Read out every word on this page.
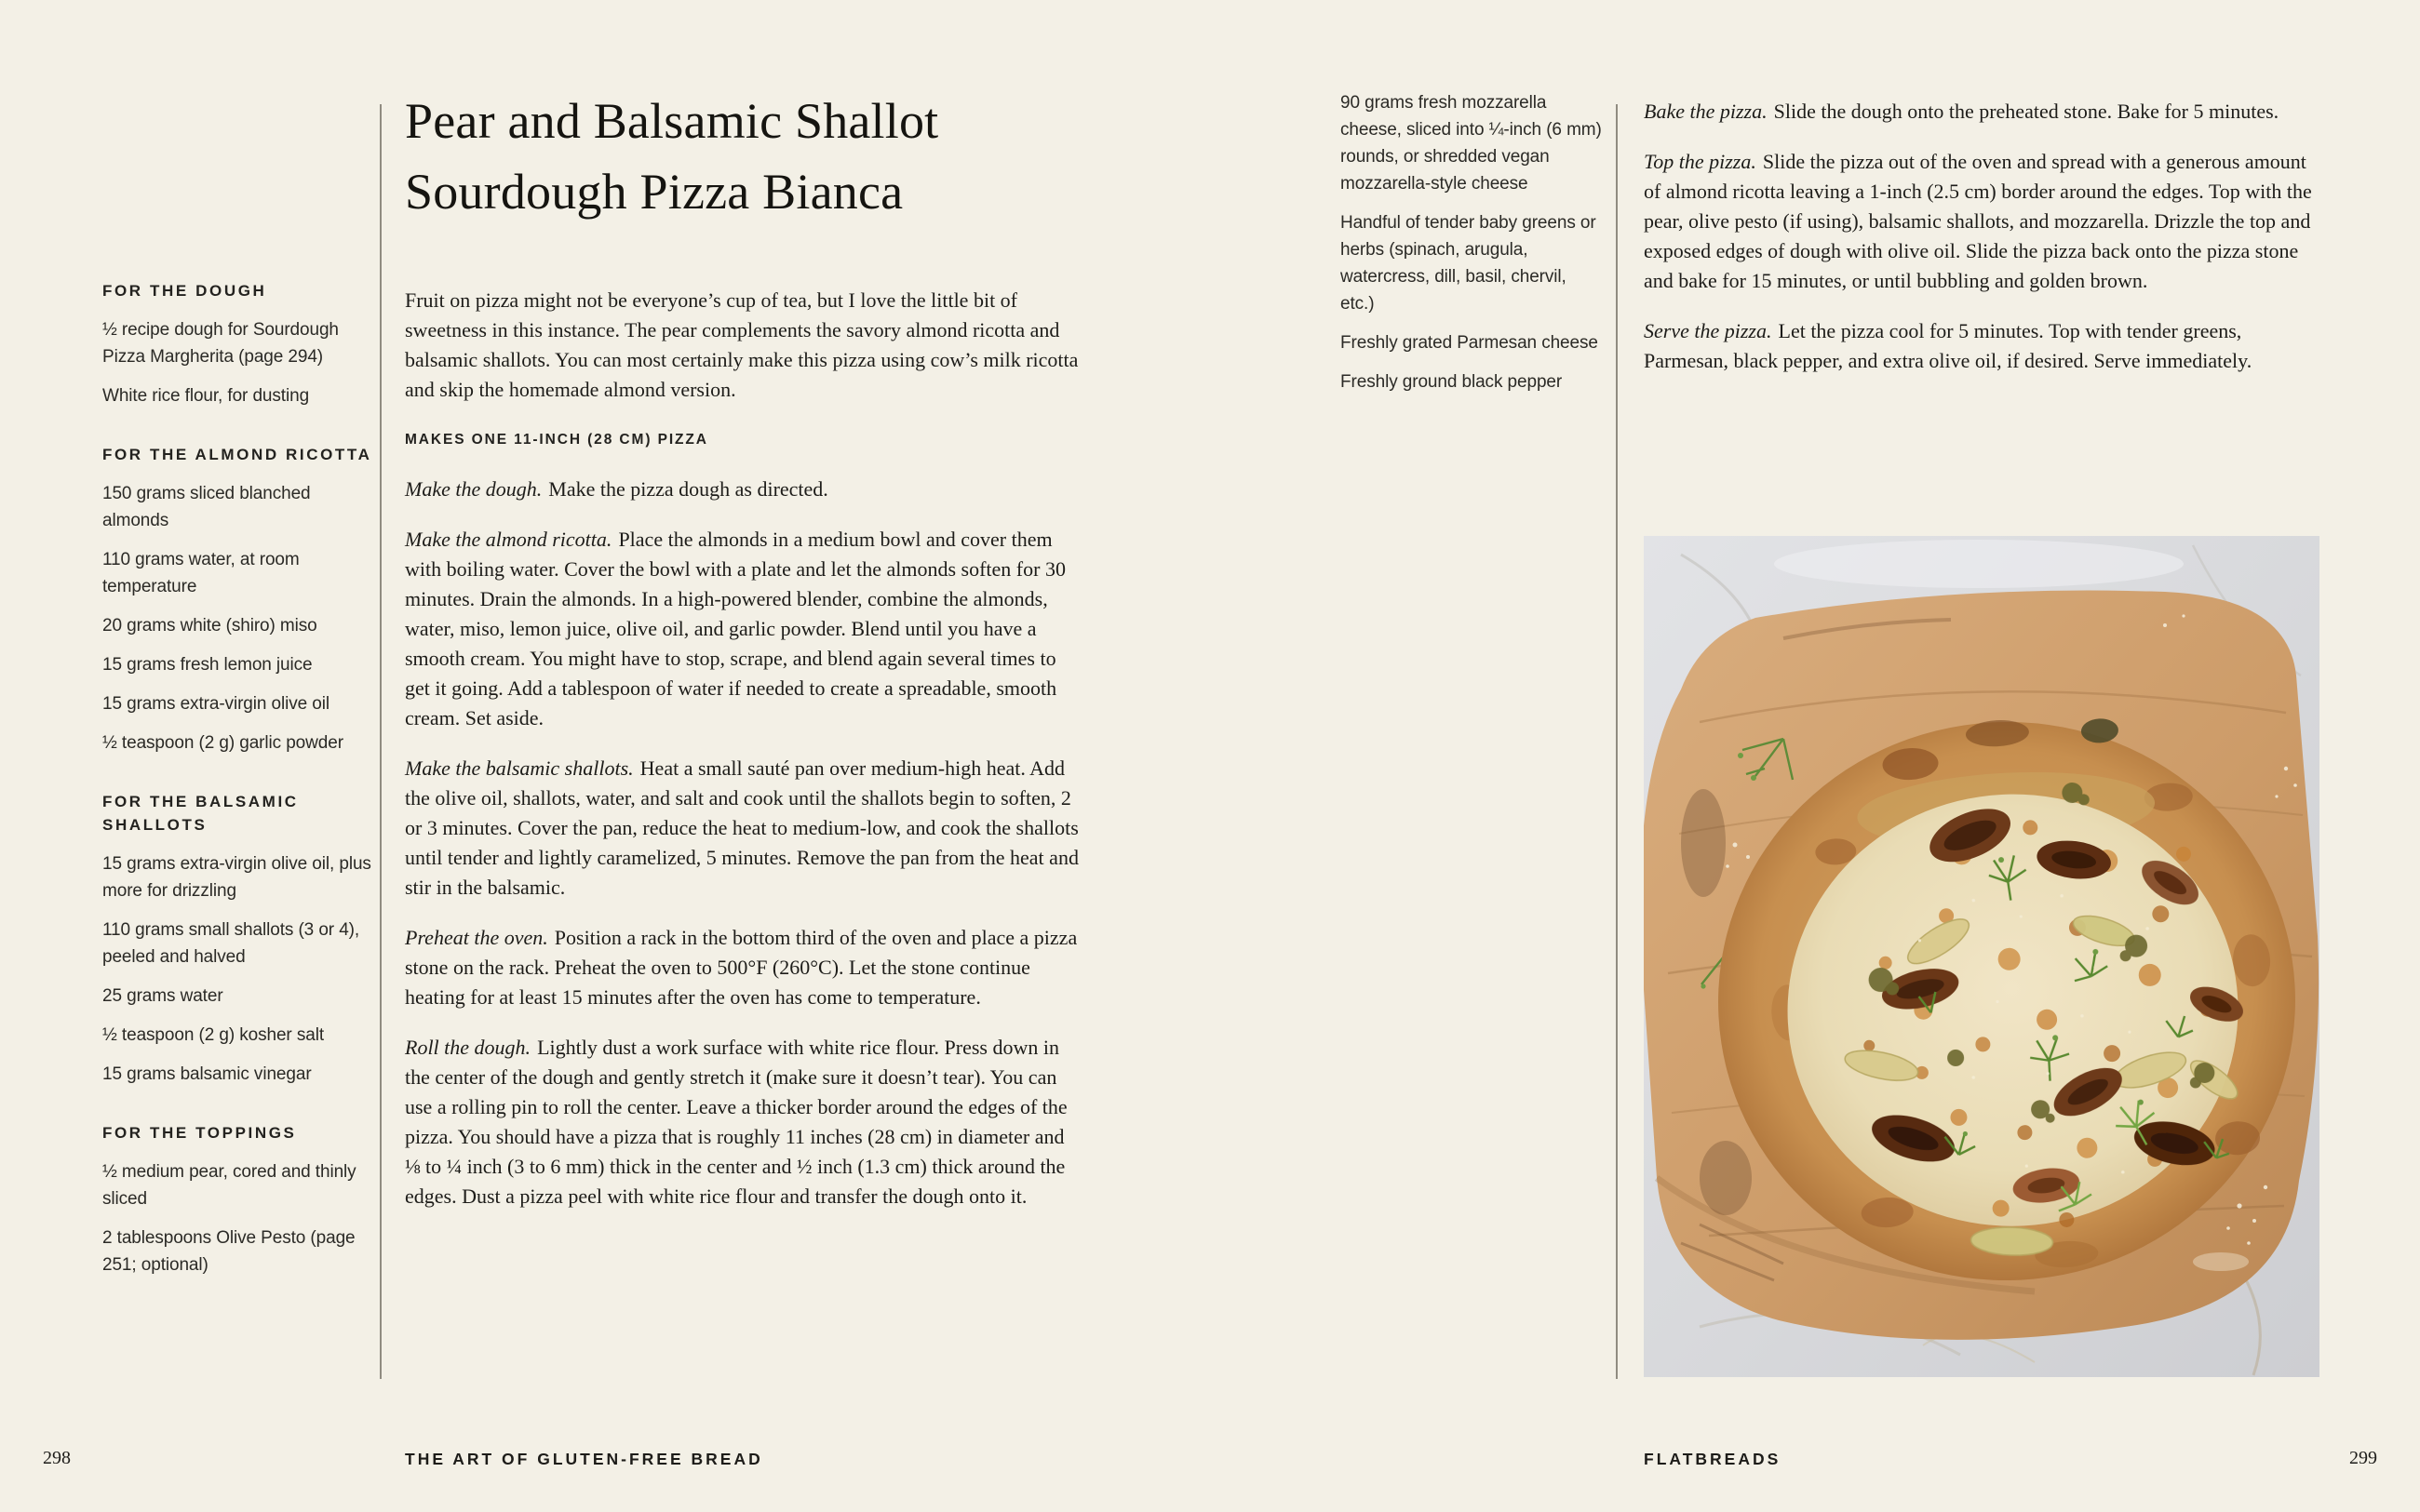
Pear and Balsamic Shallot
Sourdough Pizza Bianca
FOR THE DOUGH

½ recipe dough for Sourdough Pizza Margherita (page 294)

White rice flour, for dusting

FOR THE ALMOND RICOTTA

150 grams sliced blanched almonds

110 grams water, at room temperature

20 grams white (shiro) miso

15 grams fresh lemon juice

15 grams extra-virgin olive oil

½ teaspoon (2 g) garlic powder

FOR THE BALSAMIC SHALLOTS

15 grams extra-virgin olive oil, plus more for drizzling

110 grams small shallots (3 or 4), peeled and halved

25 grams water

½ teaspoon (2 g) kosher salt

15 grams balsamic vinegar

FOR THE TOPPINGS

½ medium pear, cored and thinly sliced

2 tablespoons Olive Pesto (page 251; optional)

Fruit on pizza might not be everyone’s cup of tea, but I love the little bit of sweetness in this instance. The pear complements the savory almond ricotta and balsamic shallots. You can most certainly make this pizza using cow’s milk ricotta and skip the homemade almond version.

MAKES ONE 11-INCH (28 CM) PIZZA

Make the dough. Make the pizza dough as directed.

Make the almond ricotta. Place the almonds in a medium bowl and cover them with boiling water. Cover the bowl with a plate and let the almonds soften for 30 minutes. Drain the almonds. In a high-powered blender, combine the almonds, water, miso, lemon juice, olive oil, and garlic powder. Blend until you have a smooth cream. You might have to stop, scrape, and blend again several times to get it going. Add a tablespoon of water if needed to create a spreadable, smooth cream. Set aside.

Make the balsamic shallots. Heat a small sauté pan over medium-high heat. Add the olive oil, shallots, water, and salt and cook until the shallots begin to soften, 2 or 3 minutes. Cover the pan, reduce the heat to medium-low, and cook the shallots until tender and lightly caramelized, 5 minutes. Remove the pan from the heat and stir in the balsamic.

Preheat the oven. Position a rack in the bottom third of the oven and place a pizza stone on the rack. Preheat the oven to 500°F (260°C). Let the stone continue heating for at least 15 minutes after the oven has come to temperature.

Roll the dough. Lightly dust a work surface with white rice flour. Press down in the center of the dough and gently stretch it (make sure it doesn’t tear). You can use a rolling pin to roll the center. Leave a thicker border around the edges of the pizza. You should have a pizza that is roughly 11 inches (28 cm) in diameter and ⅛ to ¼ inch (3 to 6 mm) thick in the center and ½ inch (1.3 cm) thick around the edges. Dust a pizza peel with white rice flour and transfer the dough onto it.

298	THE ART OF GLUTEN-FREE BREAD

90 grams fresh mozzarella cheese, sliced into ¼-inch (6 mm) rounds, or shredded vegan mozzarella-style cheese

Handful of tender baby greens or herbs (spinach, arugula, watercress, dill, basil, chervil, etc.)

Freshly grated Parmesan cheese

Freshly ground black pepper

Bake the pizza. Slide the dough onto the preheated stone. Bake for 5 minutes.

Top the pizza. Slide the pizza out of the oven and spread with a generous amount of almond ricotta leaving a 1-inch (2.5 cm) border around the edges. Top with the pear, olive pesto (if using), balsamic shallots, and mozzarella. Drizzle the top and exposed edges of dough with olive oil. Slide the pizza back onto the pizza stone and bake for 15 minutes, or until bubbling and golden brown.

Serve the pizza. Let the pizza cool for 5 minutes. Top with tender greens, Parmesan, black pepper, and extra olive oil, if desired. Serve immediately.

FLATBREADS	299
